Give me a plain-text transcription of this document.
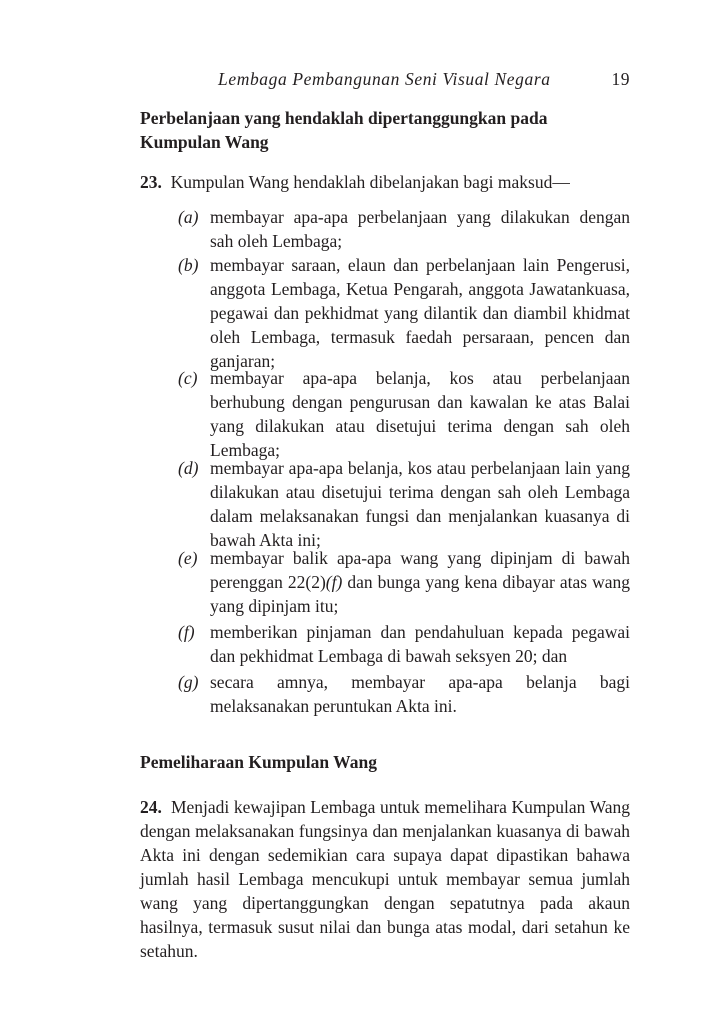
Lembaga Pembangunan Seni Visual Negara	19
Perbelanjaan yang hendaklah dipertanggungkan pada Kumpulan Wang
23. Kumpulan Wang hendaklah dibelanjakan bagi maksud—
(a) membayar apa-apa perbelanjaan yang dilakukan dengan sah oleh Lembaga;
(b) membayar saraan, elaun dan perbelanjaan lain Pengerusi, anggota Lembaga, Ketua Pengarah, anggota Jawatankuasa, pegawai dan pekhidmat yang dilantik dan diambil khidmat oleh Lembaga, termasuk faedah persaraan, pencen dan ganjaran;
(c) membayar apa-apa belanja, kos atau perbelanjaan berhubung dengan pengurusan dan kawalan ke atas Balai yang dilakukan atau disetujui terima dengan sah oleh Lembaga;
(d) membayar apa-apa belanja, kos atau perbelanjaan lain yang dilakukan atau disetujui terima dengan sah oleh Lembaga dalam melaksanakan fungsi dan menjalankan kuasanya di bawah Akta ini;
(e) membayar balik apa-apa wang yang dipinjam di bawah perenggan 22(2)(f) dan bunga yang kena dibayar atas wang yang dipinjam itu;
(f) memberikan pinjaman dan pendahuluan kepada pegawai dan pekhidmat Lembaga di bawah seksyen 20; dan
(g) secara amnya, membayar apa-apa belanja bagi melaksanakan peruntukan Akta ini.
Pemeliharaan Kumpulan Wang
24. Menjadi kewajipan Lembaga untuk memelihara Kumpulan Wang dengan melaksanakan fungsinya dan menjalankan kuasanya di bawah Akta ini dengan sedemikian cara supaya dapat dipastikan bahawa jumlah hasil Lembaga mencukupi untuk membayar semua jumlah wang yang dipertanggungkan dengan sepatutnya pada akaun hasilnya, termasuk susut nilai dan bunga atas modal, dari setahun ke setahun.
